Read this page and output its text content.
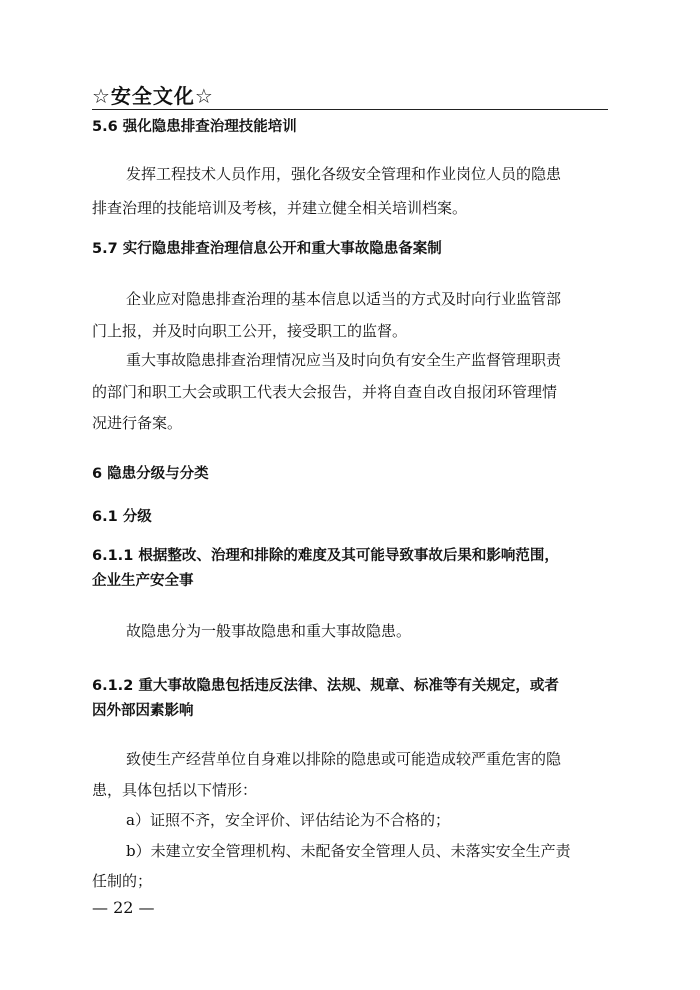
☆安全文化☆
5.6 强化隐患排查治理技能培训
发挥工程技术人员作用，强化各级安全管理和作业岗位人员的隐患
排查治理的技能培训及考核，并建立健全相关培训档案。
5.7 实行隐患排查治理信息公开和重大事故隐患备案制
企业应对隐患排查治理的基本信息以适当的方式及时向行业监管部
门上报，并及时向职工公开，接受职工的监督。
重大事故隐患排查治理情况应当及时向负有安全生产监督管理职责
的部门和职工大会或职工代表大会报告，并将自查自改自报闭环管理情
况进行备案。
6 隐患分级与分类
6.1 分级
6.1.1 根据整改、治理和排除的难度及其可能导致事故后果和影响范围，
企业生产安全事
故隐患分为一般事故隐患和重大事故隐患。
6.1.2 重大事故隐患包括违反法律、法规、规章、标准等有关规定，或者
因外部因素影响
致使生产经营单位自身难以排除的隐患或可能造成较严重危害的隐
患，具体包括以下情形：
a）证照不齐，安全评价、评估结论为不合格的；
b）未建立安全管理机构、未配备安全管理人员、未落实安全生产责
任制的；
— 22 —
